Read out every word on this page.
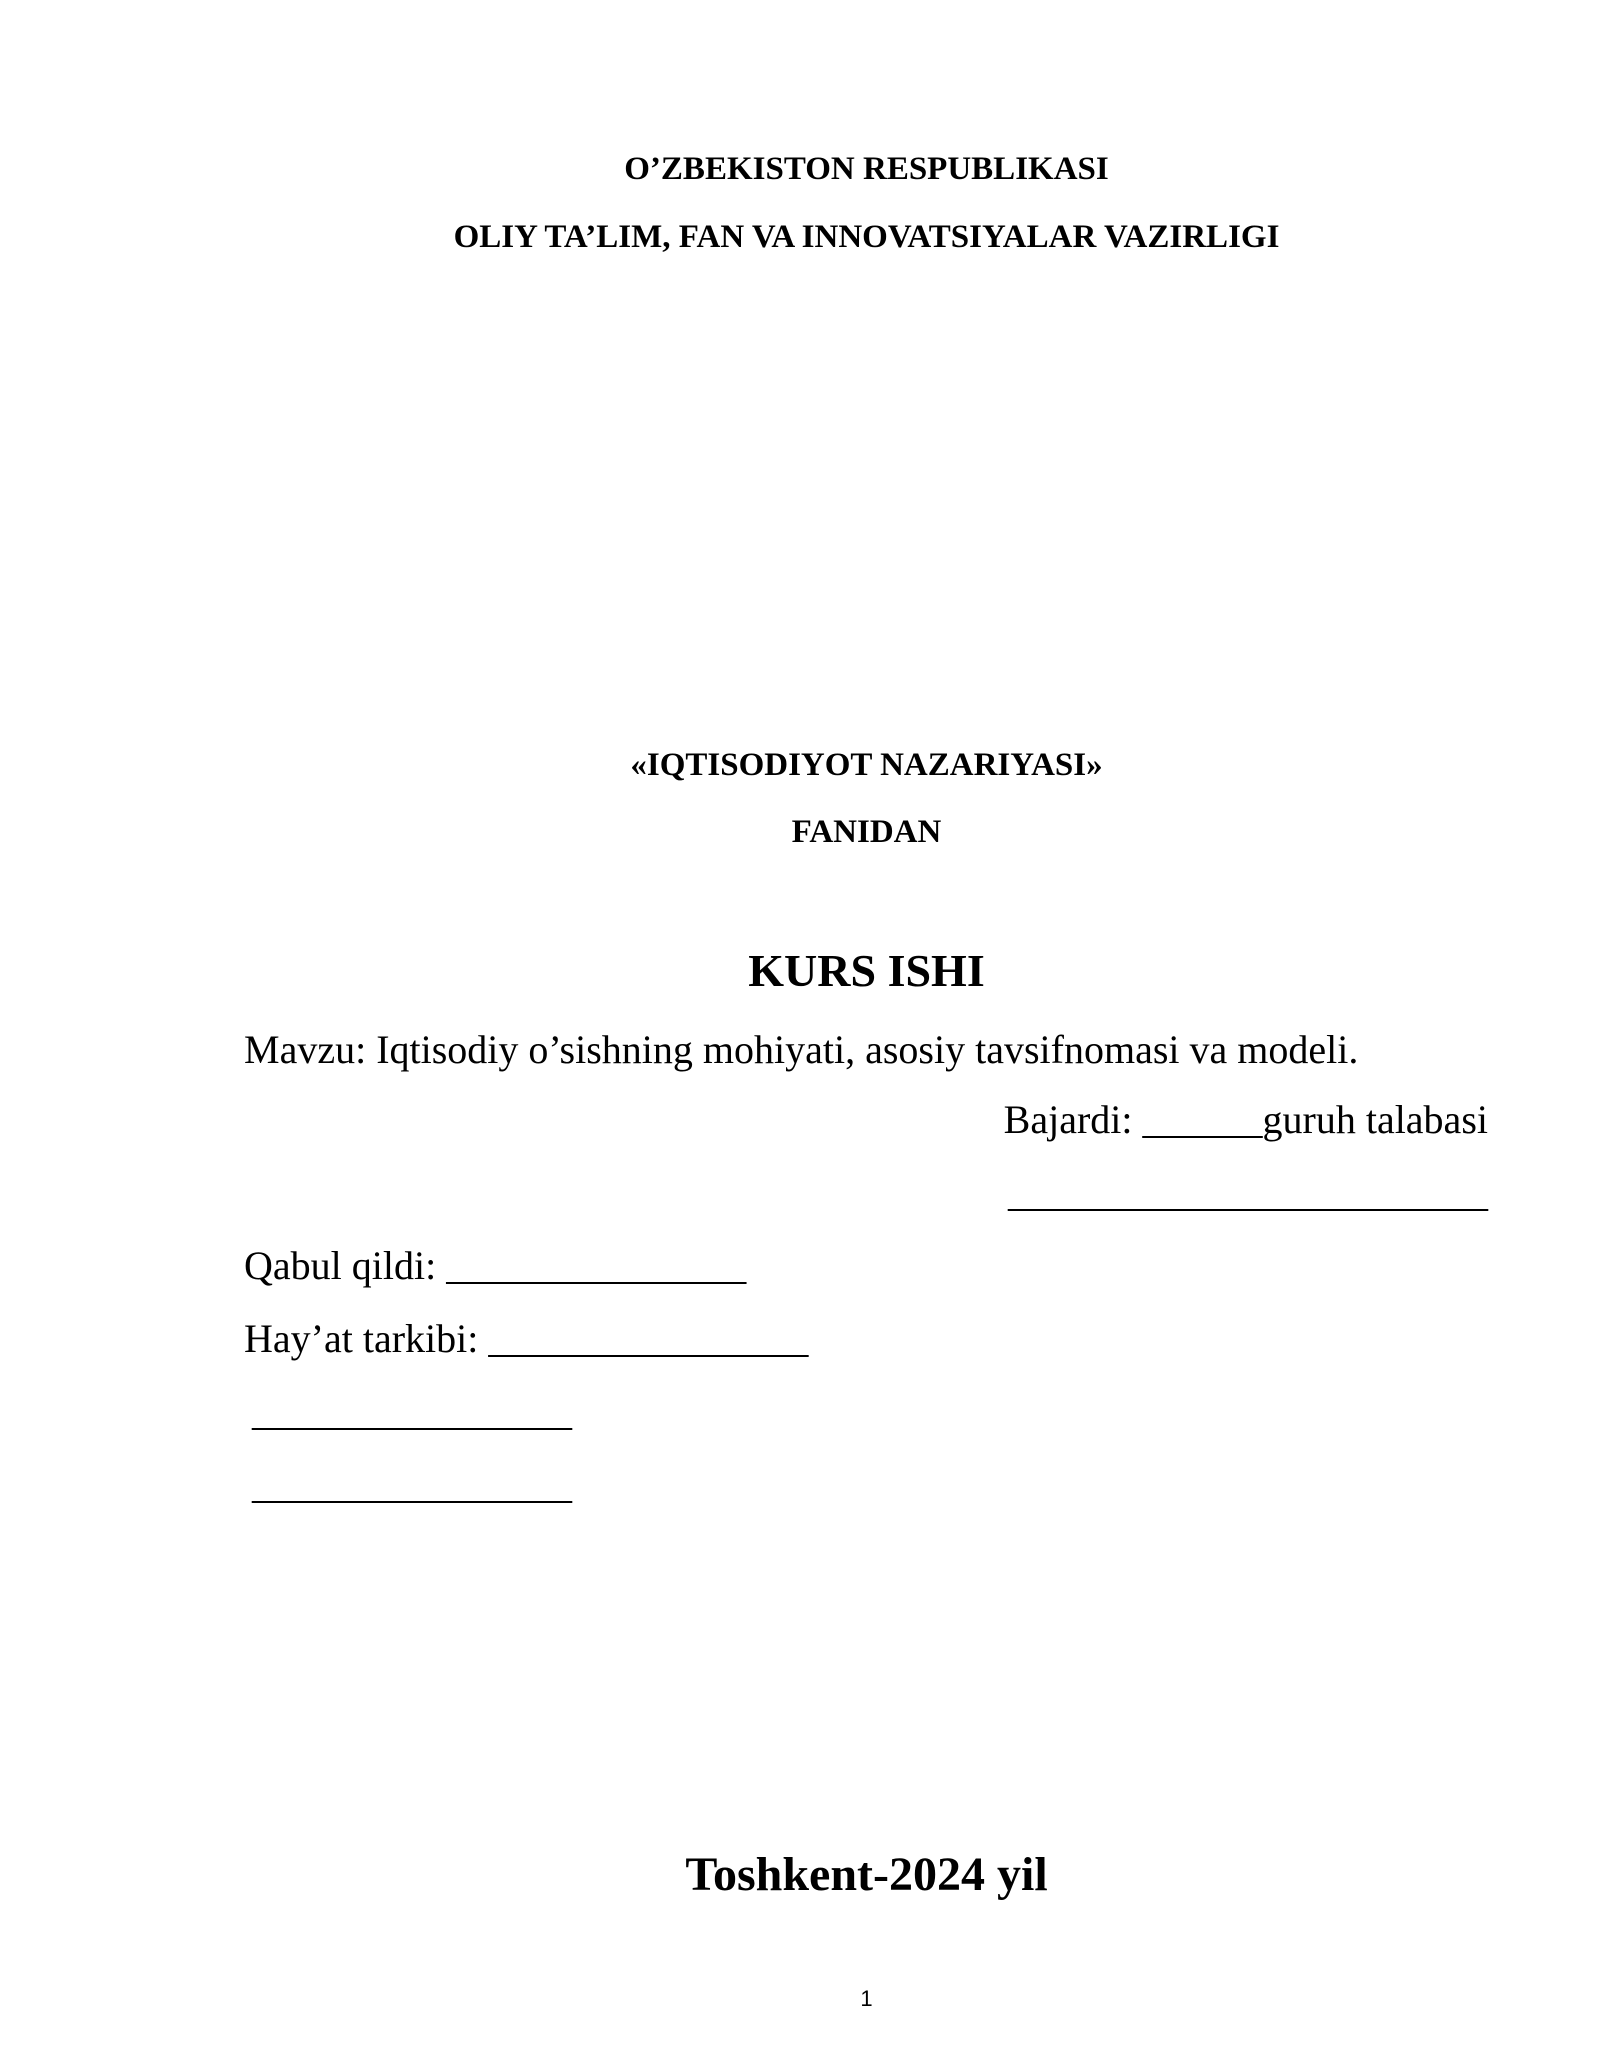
O’ZBEKISTON RESPUBLIKASI
OLIY TA’LIM, FAN VA INNOVATSIYALAR VAZIRLIGI
«IQTISODIYOT NAZARIYASI»
FANIDAN
KURS ISHI
Mavzu: Iqtisodiy o’sishning mohiyati, asosiy tavsifnomasi va modeli.
Bajardi: ______guruh talabasi
________________________
Qabul qildi: _______________
Hay’at tarkibi: ________________
________________
________________
Toshkent-2024 yil
1
